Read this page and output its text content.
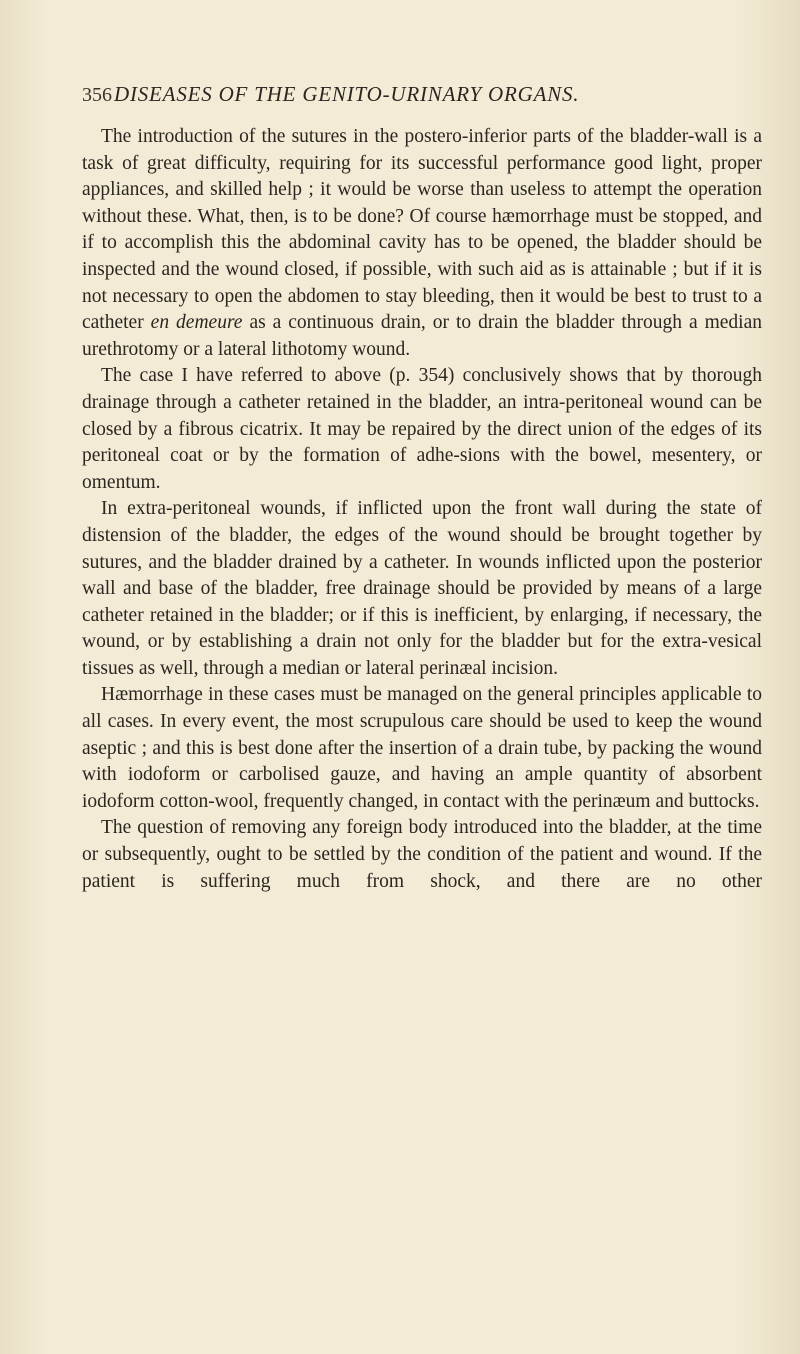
356 DISEASES OF THE GENITO-URINARY ORGANS.

The introduction of the sutures in the postero-inferior parts of the bladder-wall is a task of great difficulty, requiring for its successful performance good light, proper appliances, and skilled help ; it would be worse than useless to attempt the operation without these. What, then, is to be done? Of course hæmorrhage must be stopped, and if to accomplish this the abdominal cavity has to be opened, the bladder should be inspected and the wound closed, if possible, with such aid as is attainable ; but if it is not necessary to open the abdomen to stay bleeding, then it would be best to trust to a catheter en demeure as a continuous drain, or to drain the bladder through a median urethrotomy or a lateral lithotomy wound.

The case I have referred to above (p. 354) conclusively shows that by thorough drainage through a catheter retained in the bladder, an intra-peritoneal wound can be closed by a fibrous cicatrix. It may be repaired by the direct union of the edges of its peritoneal coat or by the formation of adhe-sions with the bowel, mesentery, or omentum.

In extra-peritoneal wounds, if inflicted upon the front wall during the state of distension of the bladder, the edges of the wound should be brought together by sutures, and the bladder drained by a catheter. In wounds inflicted upon the posterior wall and base of the bladder, free drainage should be provided by means of a large catheter retained in the bladder; or if this is inefficient, by enlarging, if necessary, the wound, or by establishing a drain not only for the bladder but for the extra-vesical tissues as well, through a median or lateral perinæal incision.

Hæmorrhage in these cases must be managed on the general principles applicable to all cases. In every event, the most scrupulous care should be used to keep the wound aseptic ; and this is best done after the insertion of a drain tube, by packing the wound with iodoform or carbolised gauze, and having an ample quantity of absorbent iodoform cotton-wool, frequently changed, in contact with the perinæum and buttocks.

The question of removing any foreign body introduced into the bladder, at the time or subsequently, ought to be settled by the condition of the patient and wound. If the patient is suffering much from shock, and there are no other
